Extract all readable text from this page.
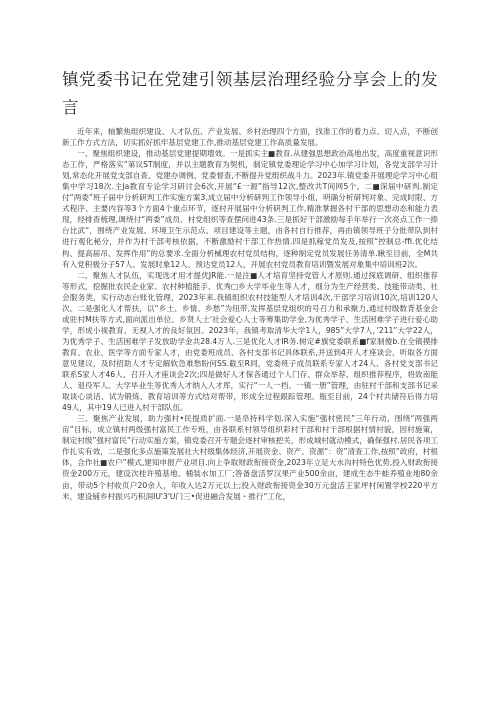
镇党委书记在党建引领基层治理经验分享会上的发言

近年来，轴繁焦组织建设、人才队伍、产业发展、乡村治理四个方面，找准工作的着力点、切入点，不断创新工作方式方法，切实抓好抓牢基层党建工作,推动基层党建工作高质量发展。

一、聚焦组织建设，推动基层党建提期增效。一是抓实主■教育.从建强思想政治高地出发，高度重视意识形态工作，严格落实“第议ST制度，并以主题教育为契机，制定镇党委理论学习中心加学习计划，各党支部学习计划,常态化开展党支部自查、党建办调例、党委督查,不断提升党组织战斗力。2023年.镇党委开展理论学习中心组集中学习18次.主Ja教育专论学习研讨会6次,开展“£一源”指导12次,整改共T间网5个。二■深届中研判.制定付“两委”班子届中分析研判工作实施方案3,成立届中分析研判工作领导小组，明确分析研判对象、完成时限、方式程序、主要内容等3个方面4个重点环节，逐村开展届中分析研判工作,精准掌握各村干部的思想动态和能力表现，经排查梳理,调绕付“两委”成员、村党组织等查摆问进43条.三是抓好干部激励每手年举行一次亮点工作一捧台比武“，围绕产业发展、环境卫生示范点、项目建设等主题，由各村自行推荐，再由镇领导班子分批带队到村进行观化秘分，并作为村干部考核依据，不断激励村干部工作热情.四是抓稼党员发及,按照“控制总-ffi.优化结构、提高届吊、发挥作用”的总要求.全面分析械理农村党员结构，逐种制定党员发展任务清单.瞅至目前，全M共有入党积极分子57人、发展时象12人、预达党员12人，开展农村党员教育培训暨发展对象集中培训班2次。

二、聚焦人才队伍，实现选才用才提优JR能.一是注■人才培育坚持党管人才原则.通过探底调研、组织推荐等形式，挖掘批农民企业家、农村种植能手、优秀□乡大学毕业生等人才，细分为生产经营类、技能带动类、社会服务类，实行动态台账化管理，2023年来.我镇组织农村技能型人才培训4次,干部学习培训10次,培训120人次。二是强化人才帮扶，以“乡土、乡情、乡愁”为纽带,发挥基层党组织的号召力和承聚力,通过村级数背基金会或驻村M扶等方式,面向派出单位、乡贤人士'社会爱心人士等筹集助学金,为优秀学子、生活困难学子进行爱心助学，形成小视教育、无视人才的良好氛因。2023年，我镇考取清华大学1人，985”大学7人，’211”大学22人，为优秀学子、生活困难学子发放助学金共28.4万人.三是优化人才IR务.树定#旗党委联系■f家制傻b.在全镇摸排教育、农业、医学等方面专家人才，由党委班成员、各村支部书记具体联系,并送到4开人才座谈会，听取各方面意见建议，及时招助人才专定解软急难愁盼何SS.截至R同，党委班子成员联系专家人才24人、各村党支部书记联系S家人才46人、召开人才座谈会2次;四是做好人才保各通过个人门存、群众举荐、组织推荐程序，将致南能人、退役军人、大学毕业生等优秀人才纳入人才库，实行“一人一档、一镇一册”管理，由驻村干部和支部书记采取谈心谈话、试为锻炼、教育培训等方式结对帮带，形成全过程跟踪管理。瓶至目前，24个村共储符后得力培49人，其中19人已进入村干部队伍。

三、聚焦产业发展，助力强村•民提质扩面.一是阜持科学划.深入实施“强村密民”三年行动，围绕“两强两宙”目标，成立镇村两级强村富民工作专班，由各联系村领导组织彩村干部和村干部根据村情村貌，因村施策，制定村级“强村富民”行动实施方案，镇党委召开专题会逐村审核把关，形成城村就动模式，确保强村.居民各项工作扎实有效，二是强化多点施策发展社大村级集体经济,开展资金、资产、资源“：资”清查工作,按照“政府，村根体，合作社■农户”模式,建知申报产业项目.向上争取财政衔接资金,2023年立足大水沟村特色优势,投入财政衔接资金200万元，建设次桂许殖基地、桶装水加工厂;答备盘活罗汉果产业500余亩，建成生态牛蛙养殖业地80余亩，带动5个村收页户20余人，年收入达2万元以上;投入财政衔接资金30万元盘活王家坪村闲置学校220平方米，建设铺乡村振兴巧积润IU'3'U门三•促进融合发展・推行“工化，
